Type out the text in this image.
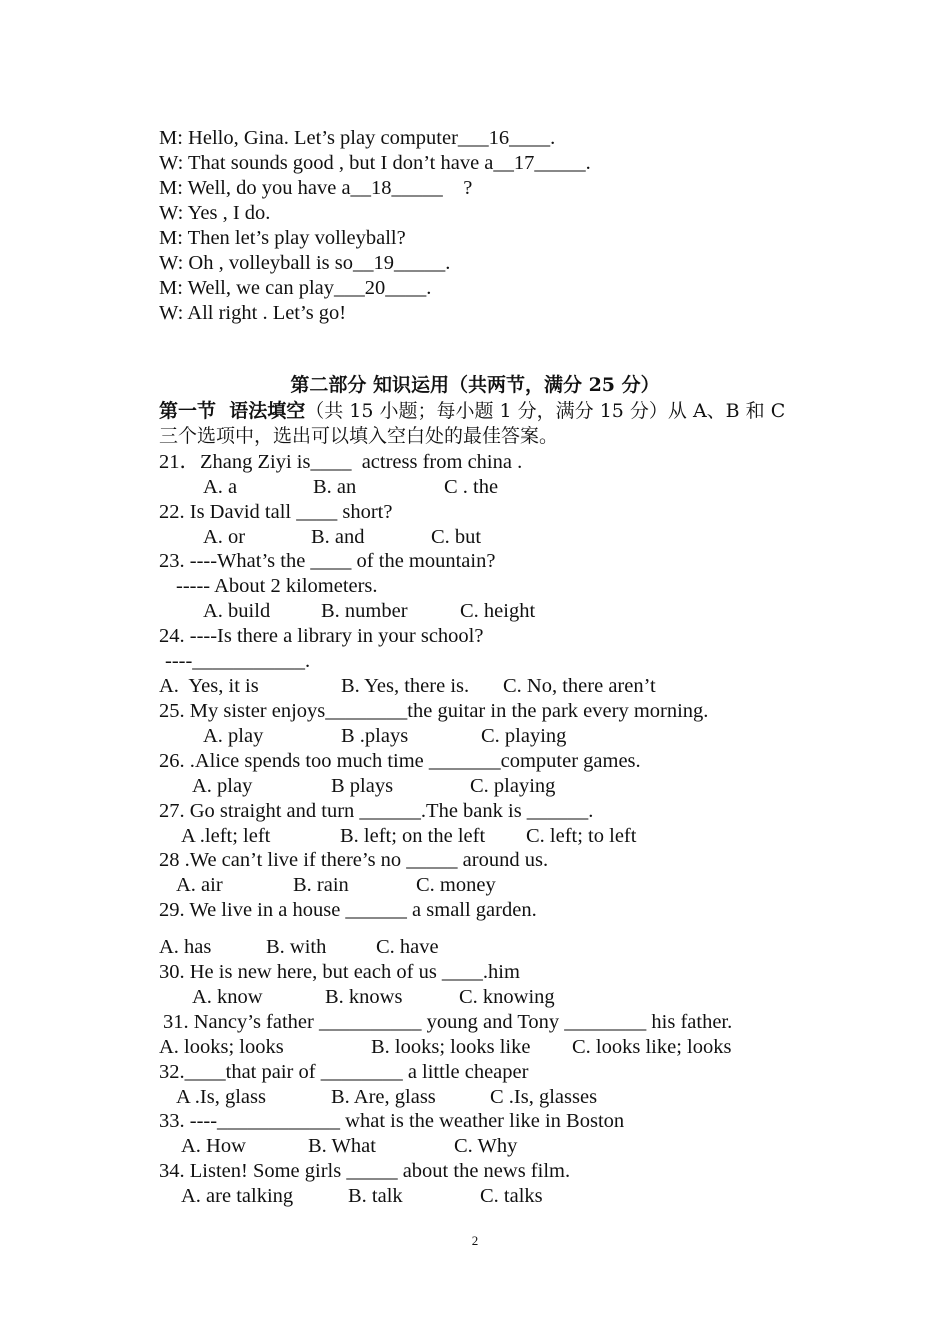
M: Hello, Gina. Let’s play computer___16____.
W: That sounds good , but I don’t have a__17_____.
M: Well, do you have a__18_____    ?
W: Yes , I do.
M: Then let’s play volleyball?
W: Oh , volleyball is so__19_____.
M: Well, we can play___20____.
W: All right . Let’s go!
第二部分 知识运用（共两节，满分 25 分）
第一节  语法填空（共 15 小题；每小题 1 分，满分 15 分）从 A、B 和 C
三个选项中，选出可以填入空白处的最佳答案。
21．Zhang Ziyi is____  actress from china .
A. a	B. an	C . the
22. Is David tall ____ short?
A. or	B. and	C. but
23. ----What’s the ____ of the mountain?
----- About 2 kilometers.
A. build B. number	C. height
24. ----Is there a library in your school?
----___________.
A.  Yes, it is	B. Yes, there is. C. No, there aren’t
25. My sister enjoys________the guitar in the park every morning.
A. play	B .plays	C. playing
26. .Alice spends too much time _______computer games.
A. play	B plays	C. playing
27. Go straight and turn ______.The bank is ______.
A .left; left	B. left; on the left C. left; to left
28 .We can’t live if there’s no _____ around us.
A. air	B. rain	C. money
29. We live in a house ______ a small garden.
A. has	B. with C. have
30. He is new here, but each of us ____.him
A. know	B. knows	C. knowing
31. Nancy’s father __________ young and Tony ________ his father.
A. looks; looks	B. looks; looks like C. looks like; looks
32.____that pair of ________ a little cheaper
A .Is, glass	B. Are, glass	C .Is, glasses
33. ----____________ what is the weather like in Boston
A. How	B. What	C. Why
34. Listen! Some girls _____ about the news film.
A. are talking	B. talk	C. talks
2
